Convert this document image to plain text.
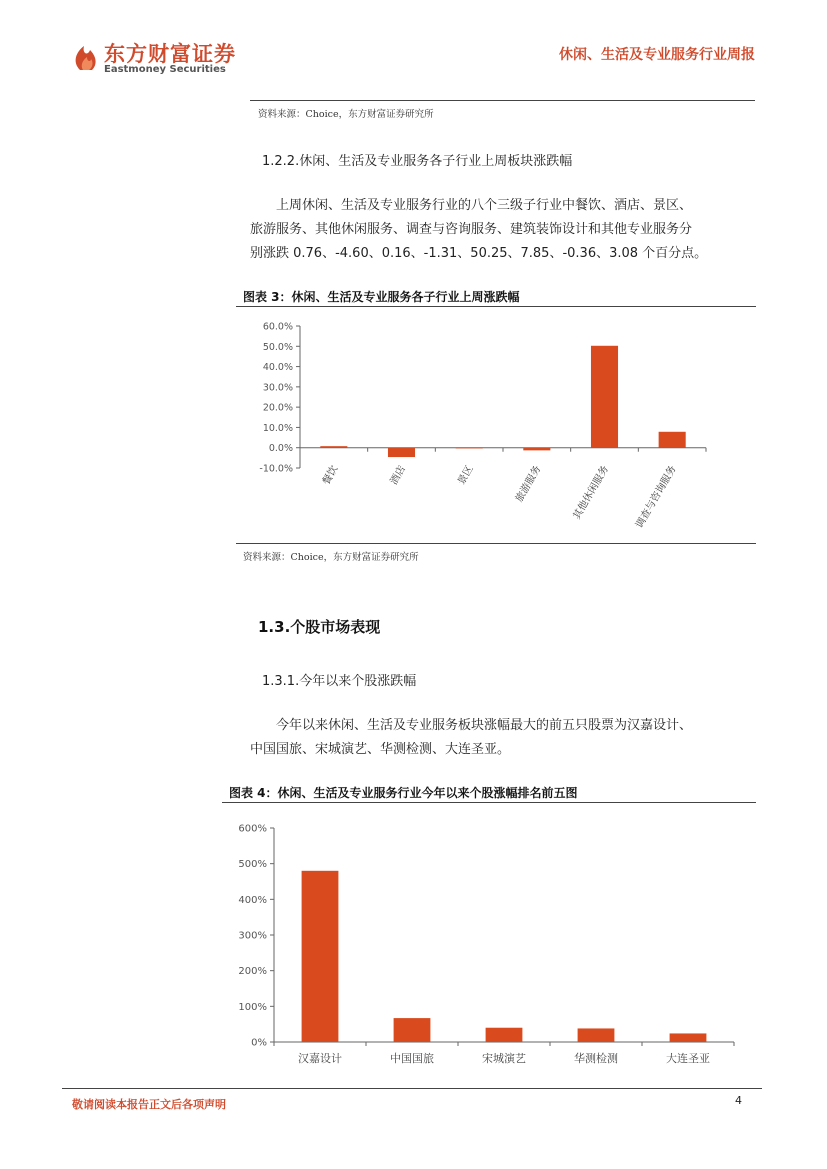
东方财富证券
Eastmoney Securities
休闲、生活及专业服务行业周报
资料来源：Choice，东方财富证券研究所
1.2.2.休闲、生活及专业服务各子行业上周板块涨跌幅
上周休闲、生活及专业服务行业的八个三级子行业中餐饮、酒店、景区、
旅游服务、其他休闲服务、调查与咨询服务、建筑装饰设计和其他专业服务分
别涨跌 0.76、-4.60、0.16、-1.31、50.25、7.85、-0.36、3.08 个百分点。
图表 3：休闲、生活及专业服务各子行业上周涨跌幅
60.0%
50.0%
40.0%
30.0%
20.0%
10.0%
0.0%
-10.0%	餐饮	酒店	景区	旅游服务	其他休闲服务 调查与咨询服务
资料来源：Choice，东方财富证券研究所
1.3.个股市场表现
1.3.1.今年以来个股涨跌幅
今年以来休闲、生活及专业服务板块涨幅最大的前五只股票为汉嘉设计、
中国国旅、宋城演艺、华测检测、大连圣亚。
图表 4：休闲、生活及专业服务行业今年以来个股涨幅排名前五图
600%
500%
400%
300%
200%
100%
0%
汉嘉设计	中国国旅	宋城演艺	华测检测	大连圣亚
敬请阅读本报告正文后各项声明	4
